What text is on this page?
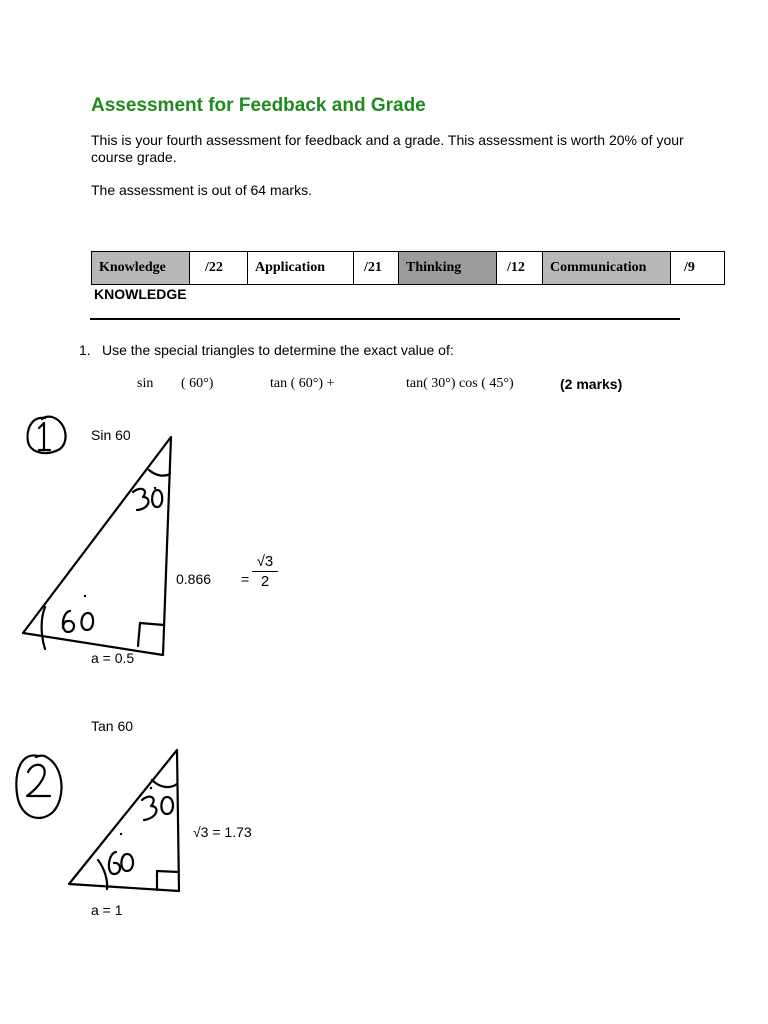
Assessment for Feedback and Grade
This is your fourth assessment for feedback and a grade. This assessment is worth 20% of your
course grade.
The assessment is out of 64 marks.
Knowledge	/22	Application	/21	Thinking	/12	Communication	/9
KNOWLEDGE
1. Use the special triangles to determine the exact value of:
sin ( 60°)	tan ( 60°) +	tan( 30°) cos ( 45°)	(2 marks)
Sin 60
$0.866 = \frac{√3}{2}$
a = 0.5
Tan 60
√3 = 1.73
a = 1
